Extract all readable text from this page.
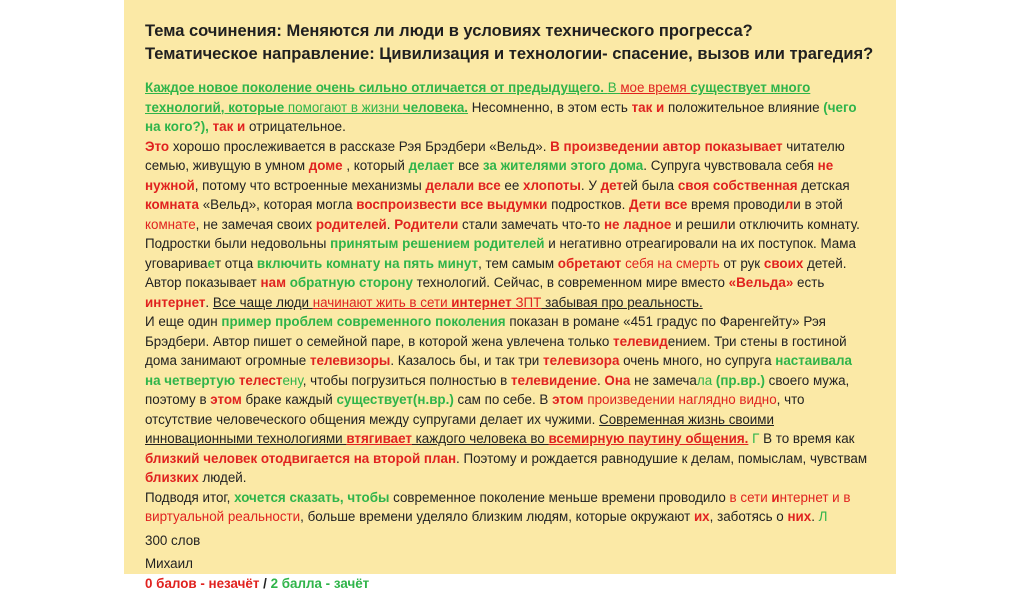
Тема сочинения: Меняются ли люди в условиях технического прогресса?
Тематическое направление: Цивилизация и технологии- спасение, вызов или трагедия?
Каждое новое поколение очень сильно отличается от предыдущего. В мое время существует много
технологий, которые помогают в жизни человека. Несомненно, в этом есть так и положительное влияние (чего
на кого?), так и отрицательное.
Это хорошо прослеживается в рассказе Рэя Брэдбери «Вельд». В произведении автор показывает читателю
семью, живущую в умном доме , который делает все за жителями этого дома. Супруга чувствовала себя не
нужной, потому что встроенные механизмы делали все ее хлопоты. У детей была своя собственная детская
комната «Вельд», которая могла воспроизвести все выдумки подростков. Дети все время проводили в этой
комнате, не замечая своих родителей. Родители стали замечать что-то не ладное и решили отключить комнату.
Подростки были недовольны принятым решением родителей и негативно отреагировали на их поступок. Мама
уговаривает отца включить комнату на пять минут, тем самым обретают себя на смерть от рук своих детей.
Автор показывает нам обратную сторону технологий. Сейчас, в современном мире вместо «Вельда» есть
интернет. Все чаще люди начинают жить в сети интернет ЗПТ забывая про реальность.
И еще один пример проблем современного поколения показан в романе «451 градус по Фаренгейту» Рэя
Брэдбери. Автор пишет о семейной паре, в которой жена увлечена только телевидением. Три стены в гостиной
дома занимают огромные телевизоры. Казалось бы, и так три телевизора очень много, но супруга настаивала
на четвертую телестену, чтобы погрузиться полностью в телевидение. Она не замечала (пр.вр.) своего мужа,
поэтому в этом браке каждый существует(н.вр.) сам по себе. В этом произведении наглядно видно, что
отсутствие человеческого общения между супругами делает их чужими. Современная жизнь своими
инновационными технологиями втягивает каждого человека во всемирную паутину общения. Г В то время как
близкий человек отодвигается на второй план. Поэтому и рождается равнодушие к делам, помыслам, чувствам
близких людей.
Подводя итог, хочется сказать, чтобы современное поколение меньше времени проводило в сети интернет и в
виртуальной реальности, больше времени уделяло близким людям, которые окружают их, заботясь о них. Л
300 слов
Михаил
0 балов - незачёт / 2 балла - зачёт
